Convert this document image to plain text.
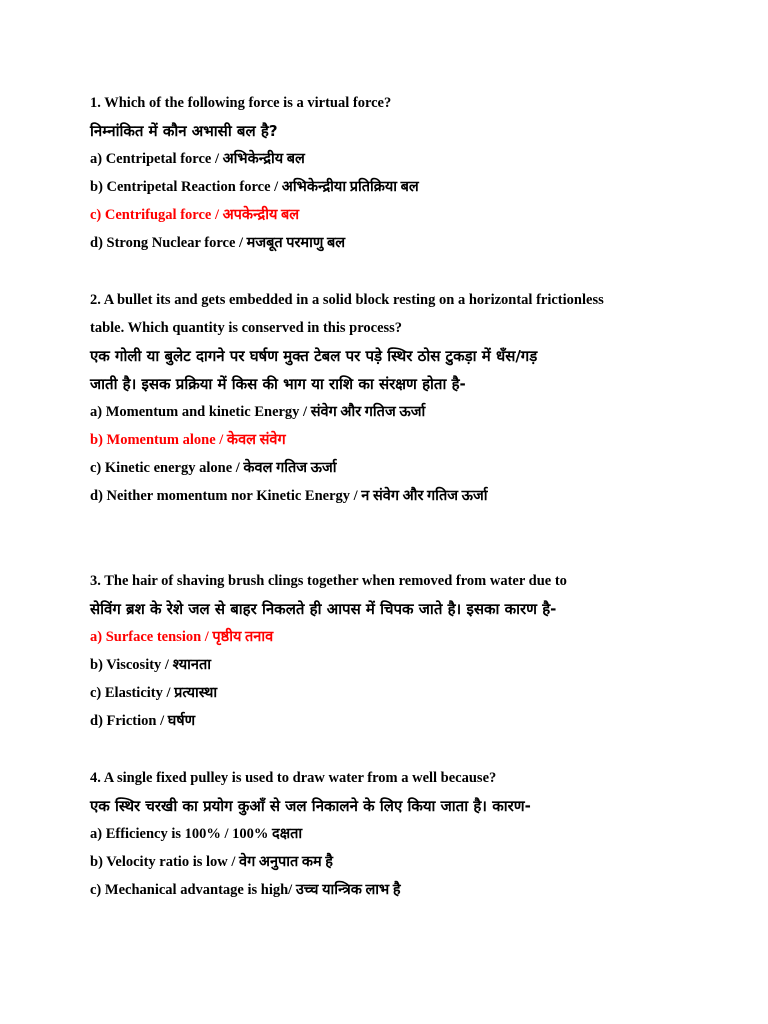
1. Which of the following force is a virtual force?
निम्नांकित में कौन अभासी बल है?
a) Centripetal force / अभिकेन्द्रीय बल
b) Centripetal Reaction force / अभिकेन्द्रीया प्रतिक्रिया बल
c) Centrifugal force / अपकेन्द्रीय बल
d) Strong Nuclear force / मजबूत परमाणु बल
2. A bullet its and gets embedded in a solid block resting on a horizontal frictionless
table. Which quantity is conserved in this process?
एक गोली या बुलेट दागने पर घर्षण मुक्त टेबल पर पड़े स्थिर ठोस टुकड़ा में धँस/गड़
जाती है। इसक प्रक्रिया में किस की भाग या राशि का संरक्षण होता है-
a) Momentum and kinetic Energy / संवेग और गतिज ऊर्जा
b) Momentum alone / केवल संवेग
c) Kinetic energy alone / केवल गतिज ऊर्जा
d) Neither momentum nor Kinetic Energy / न संवेग और गतिज ऊर्जा
3. The hair of shaving brush clings together when removed from water due to
सेविंग ब्रश के रेशे जल से बाहर निकलते ही आपस में चिपक जाते है। इसका कारण है-
a) Surface tension / पृष्ठीय तनाव
b) Viscosity / श्यानता
c) Elasticity / प्रत्यास्था
d) Friction / घर्षण
4. A single fixed pulley is used to draw water from a well because?
एक स्थिर चरखी का प्रयोग कुआँ से जल निकालने के लिए किया जाता है। कारण-
a) Efficiency is 100% / 100% दक्षता
b) Velocity ratio is low / वेग अनुपात कम है
c) Mechanical advantage is high/ उच्च यान्त्रिक लाभ है
